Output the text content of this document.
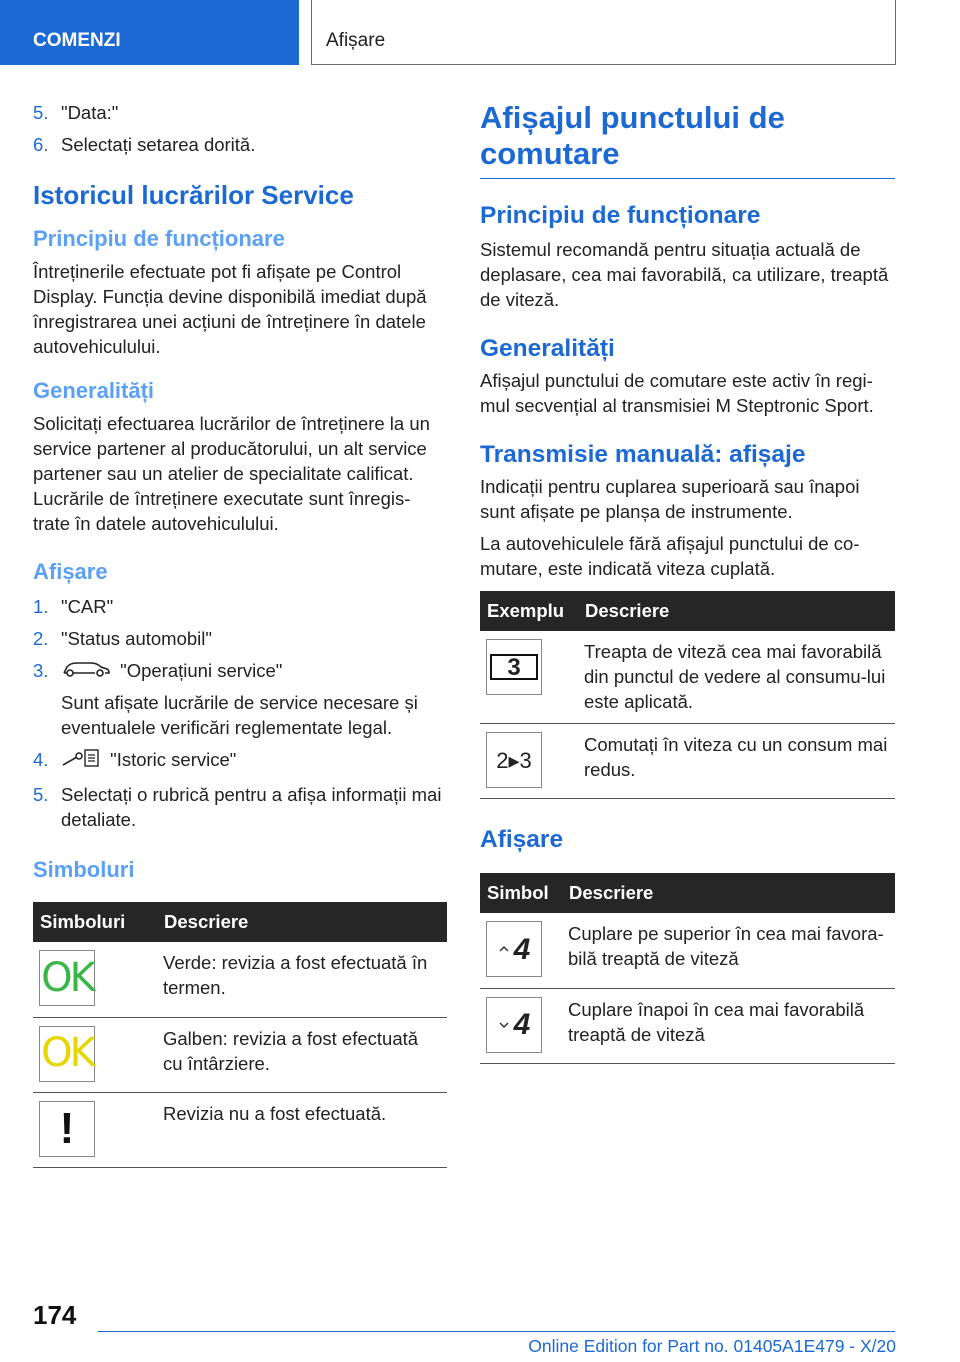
COMENZI	Afișare
5. "Data:"
6. Selectați setarea dorită.
Istoricul lucrărilor Service
Principiu de funcționare

Întreținerile efectuate pot fi afișate pe Control Display. Funcția devine disponibilă imediat după înregistrarea unei acțiuni de întreținere în datele autovehiculului.

Generalități

Solicitați efectuarea lucrărilor de întreținere la un service partener al producătorului, un alt service partener sau un atelier de specialitate calificat. Lucrările de întreținere executate sunt înregis-trate în datele autovehiculului.

Afișare
1. "CAR"
2. "Status automobil"
3.	"Operațiuni service"
Sunt afișate lucrările de service necesare și eventualele verificări reglementate legal.
4.	"Istoric service"
5. Selectați o rubrică pentru a afișa informații mai detaliate.
Simboluri
Simboluri	Descriere

OK	Verde: revizia a fost efectuată în termen.

OK	Galben: revizia a fost efectuată cu întârziere.

!	Revizia nu a fost efectuată.
Afișajul punctului de comutare
Principiu de funcționare

Sistemul recomandă pentru situația actuală de deplasare, cea mai favorabilă, ca utilizare, treaptă de viteză.

Generalități

Afișajul punctului de comutare este activ în regi-mul secvențial al transmisiei M Steptronic Sport.

Transmisie manuală: afișaje

Indicații pentru cuplarea superioară sau înapoi sunt afișate pe planșa de instrumente.

La autovehiculele fără afișajul punctului de co-mutare, este indicată viteza cuplată.

Exemplu	Descriere

3	Treapta de viteză cea mai favorabilă din punctul de vedere al consumu-lui este aplicată.

2▸3	Comutați în viteza cu un consum mai redus.
Afișare
Simbol	Descriere

4	Cuplare pe superior în cea mai favora-bilă treaptă de viteză

4	Cuplare înapoi în cea mai favorabilă treaptă de viteză
174
Online Edition for Part no. 01405A1E479 - X/20
